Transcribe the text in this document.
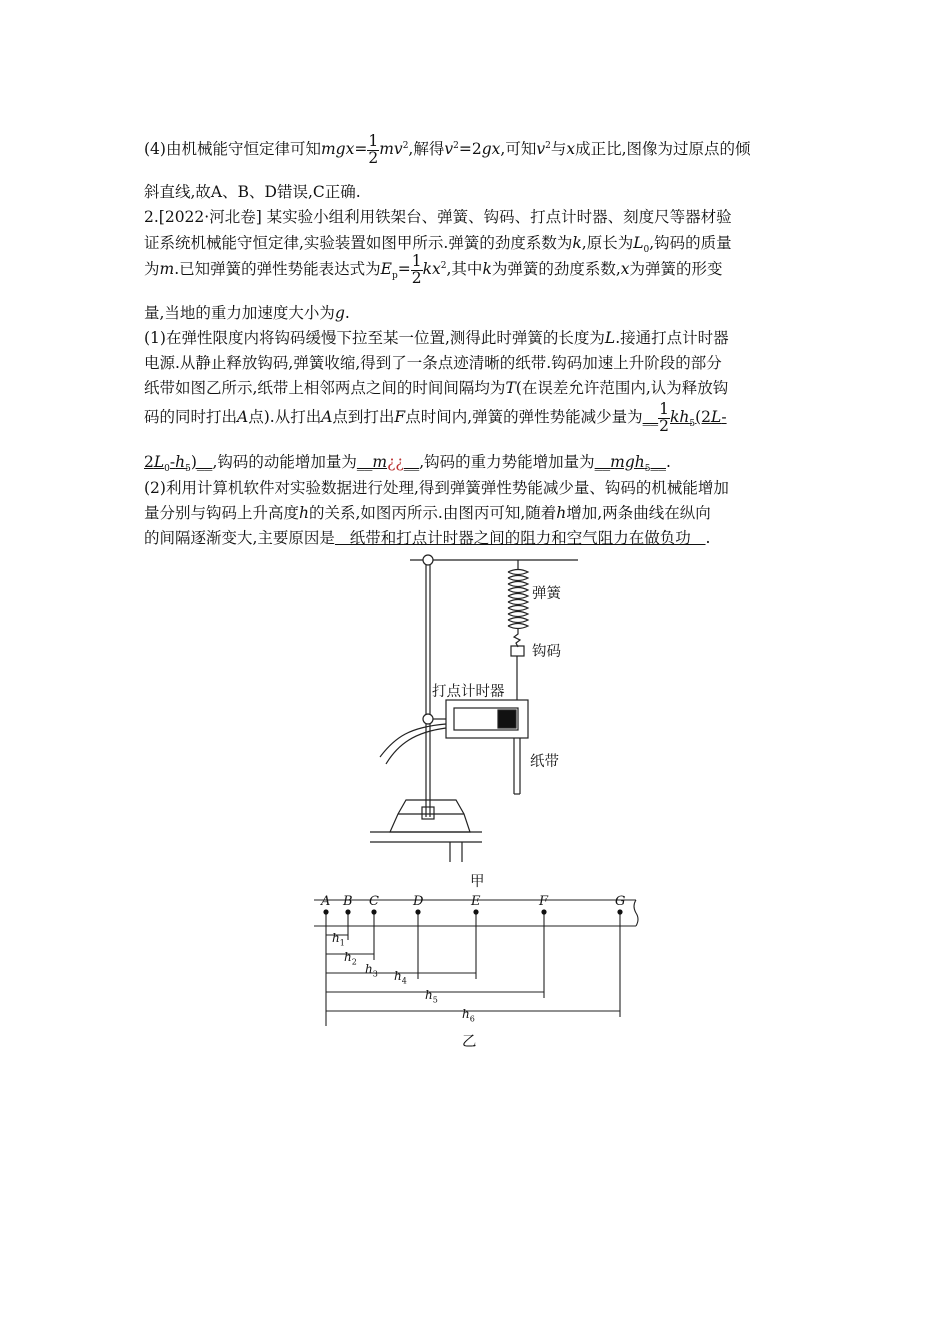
(4)由机械能守恒定律可知$mgx= \frac{1}{2} mv^2$,解得$v^2=2gx$,可知$v^2$与x成正比,图像为过原点的倾
斜直线,故A、B、D错误,C正确.
2.[2022·河北卷] 某实验小组利用铁架台、弹簧、钩码、打点计时器、刻度尺等器材验
证系统机械能守恒定律,实验装置如图甲所示.弹簧的劲度系数为k,原长为$L_0$,钩码的质量
为m.已知弹簧的弹性势能表达式为$E_p= \frac{1}{2} kx^2$,其中k为弹簧的劲度系数,x为弹簧的形变
量,当地的重力加速度大小为g.
(1)在弹性限度内将钩码缓慢下拉至某一位置,测得此时弹簧的长度为L.接通打点计时器
电源.从静止释放钩码,弹簧收缩,得到了一条点迹清晰的纸带.钩码加速上升阶段的部分
纸带如图乙所示,纸带上相邻两点之间的时间间隔均为T(在误差允许范围内,认为释放钩
码的同时打出A点).从打出A点到打出F点时间内,弹簧的弹性势能减少量为__ $\frac{1}{2} kh_5(2L-$
$2L_0-h_5)\_\_$,钩码的动能增加量为__m¿¿__,钩码的重力势能增加量为__mgh$_5$__.
(2)利用计算机软件对实验数据进行处理,得到弹簧弹性势能减少量、钩码的机械能增加
量分别与钩码上升高度h的关系,如图丙所示.由图丙可知,随着h增加,两条曲线在纵向
的间隔逐渐变大,主要原因是   纸带和打点计时器之间的阻力和空气阻力在做负功   .
弹簧
钩码
打点计时器
纸带
甲
A B C	D	E	F	G
$h_1$
$h_2$
$h_3$ $h_4$
$h_5$
$h_6$
乙
